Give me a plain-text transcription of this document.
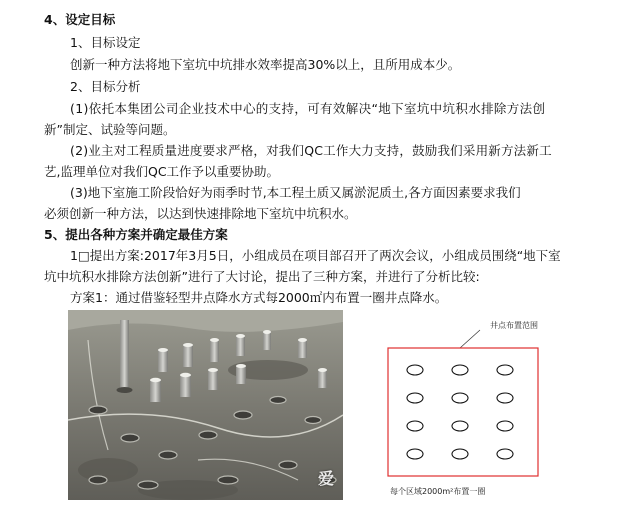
4、设定目标
1、目标设定
创新一种方法将地下室坑中坑排水效率提高30%以上，且所用成本少。
2、目标分析
(1)依托本集团公司企业技术中心的支持，可有效解决“地下室坑中坑积水排除方法创
新”制定、试验等问题。
(2)业主对工程质量进度要求严格，对我们QC工作大力支持，鼓励我们采用新方法新工
艺,监理单位对我们QC工作予以重要协助。
(3)地下室施工阶段恰好为雨季时节,本工程土质又属淤泥质土,各方面因素要求我们
必须创新一种方法，以达到快速排除地下室坑中坑积水。
5、提出各种方案并确定最佳方案
1□提出方案:2017年3月5日，小组成员在项目部召开了两次会议，小组成员围绕“地下室
坑中坑积水排除方法创新”进行了大讨论，提出了三种方案，并进行了分析比较:
方案1：通过借鉴轻型井点降水方式每2000㎡内布置一圈井点降水。
井点布置范围
每个区域2000m²布置一圈
爱
